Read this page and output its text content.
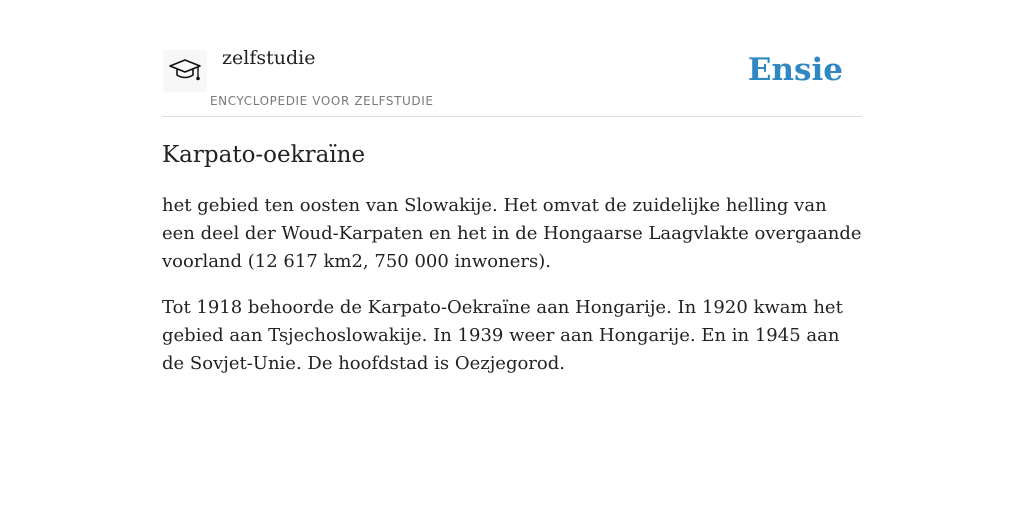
zelfstudie
ENCYCLOPEDIE VOOR ZELFSTUDIE
Ensie
Karpato-oekraïne

het gebied ten oosten van Slowakije. Het omvat de zuidelijke helling van een deel der Woud-Karpaten en het in de Hongaarse Laagvlakte overgaande voorland (12 617 km2, 750 000 inwoners).

Tot 1918 behoorde de Karpato-Oekraïne aan Hongarije. In 1920 kwam het gebied aan Tsjechoslowakije. In 1939 weer aan Hongarije. En in 1945 aan de Sovjet-Unie. De hoofdstad is Oezjegorod.
